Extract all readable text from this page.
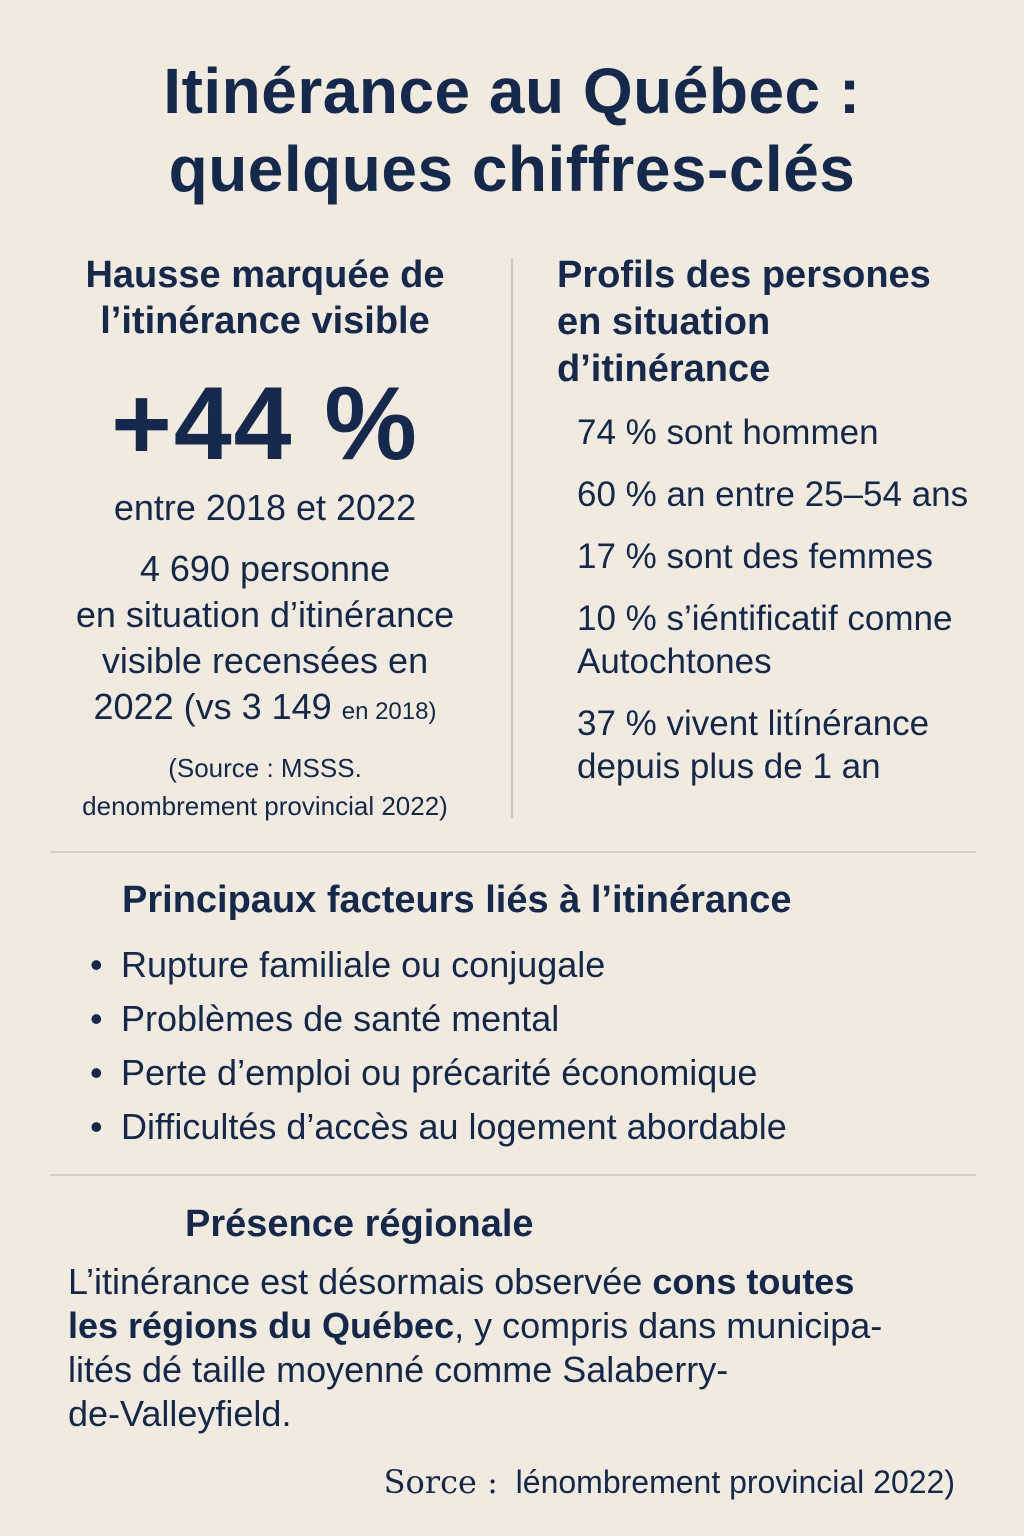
Itinérance au Québec :
quelques chiffres-clés
Hausse marquée de
l’itinérance visible
+44 %
entre 2018 et 2022
4 690 personne
en situation d’itinérance
visible recensées en
2022 (vs 3 149 en 2018)
(Source : MSSS.
denombrement provincial 2022)
Profils des persones
en situation
d’itinérance
74 % sont hommen
60 % an entre 25–54 ans
17 % sont des femmes
10 % s’iéntificatif comne
Autochtones
37 % vivent litínérance
depuis plus de 1 an
Principaux facteurs liés à l’itinérance
• Rupture familiale ou conjugale
• Problèmes de santé mental
• Perte d’emploi ou précarité économique
• Difficultés d’accès au logement abordable
Présence régionale

L’itinérance est désormais observée cons toutes
les régions du Québec, y compris dans municipa-
lités dé taille moyenné comme Salaberry-
de-Valleyfield.

Sorce : lénombrement provincial 2022)
